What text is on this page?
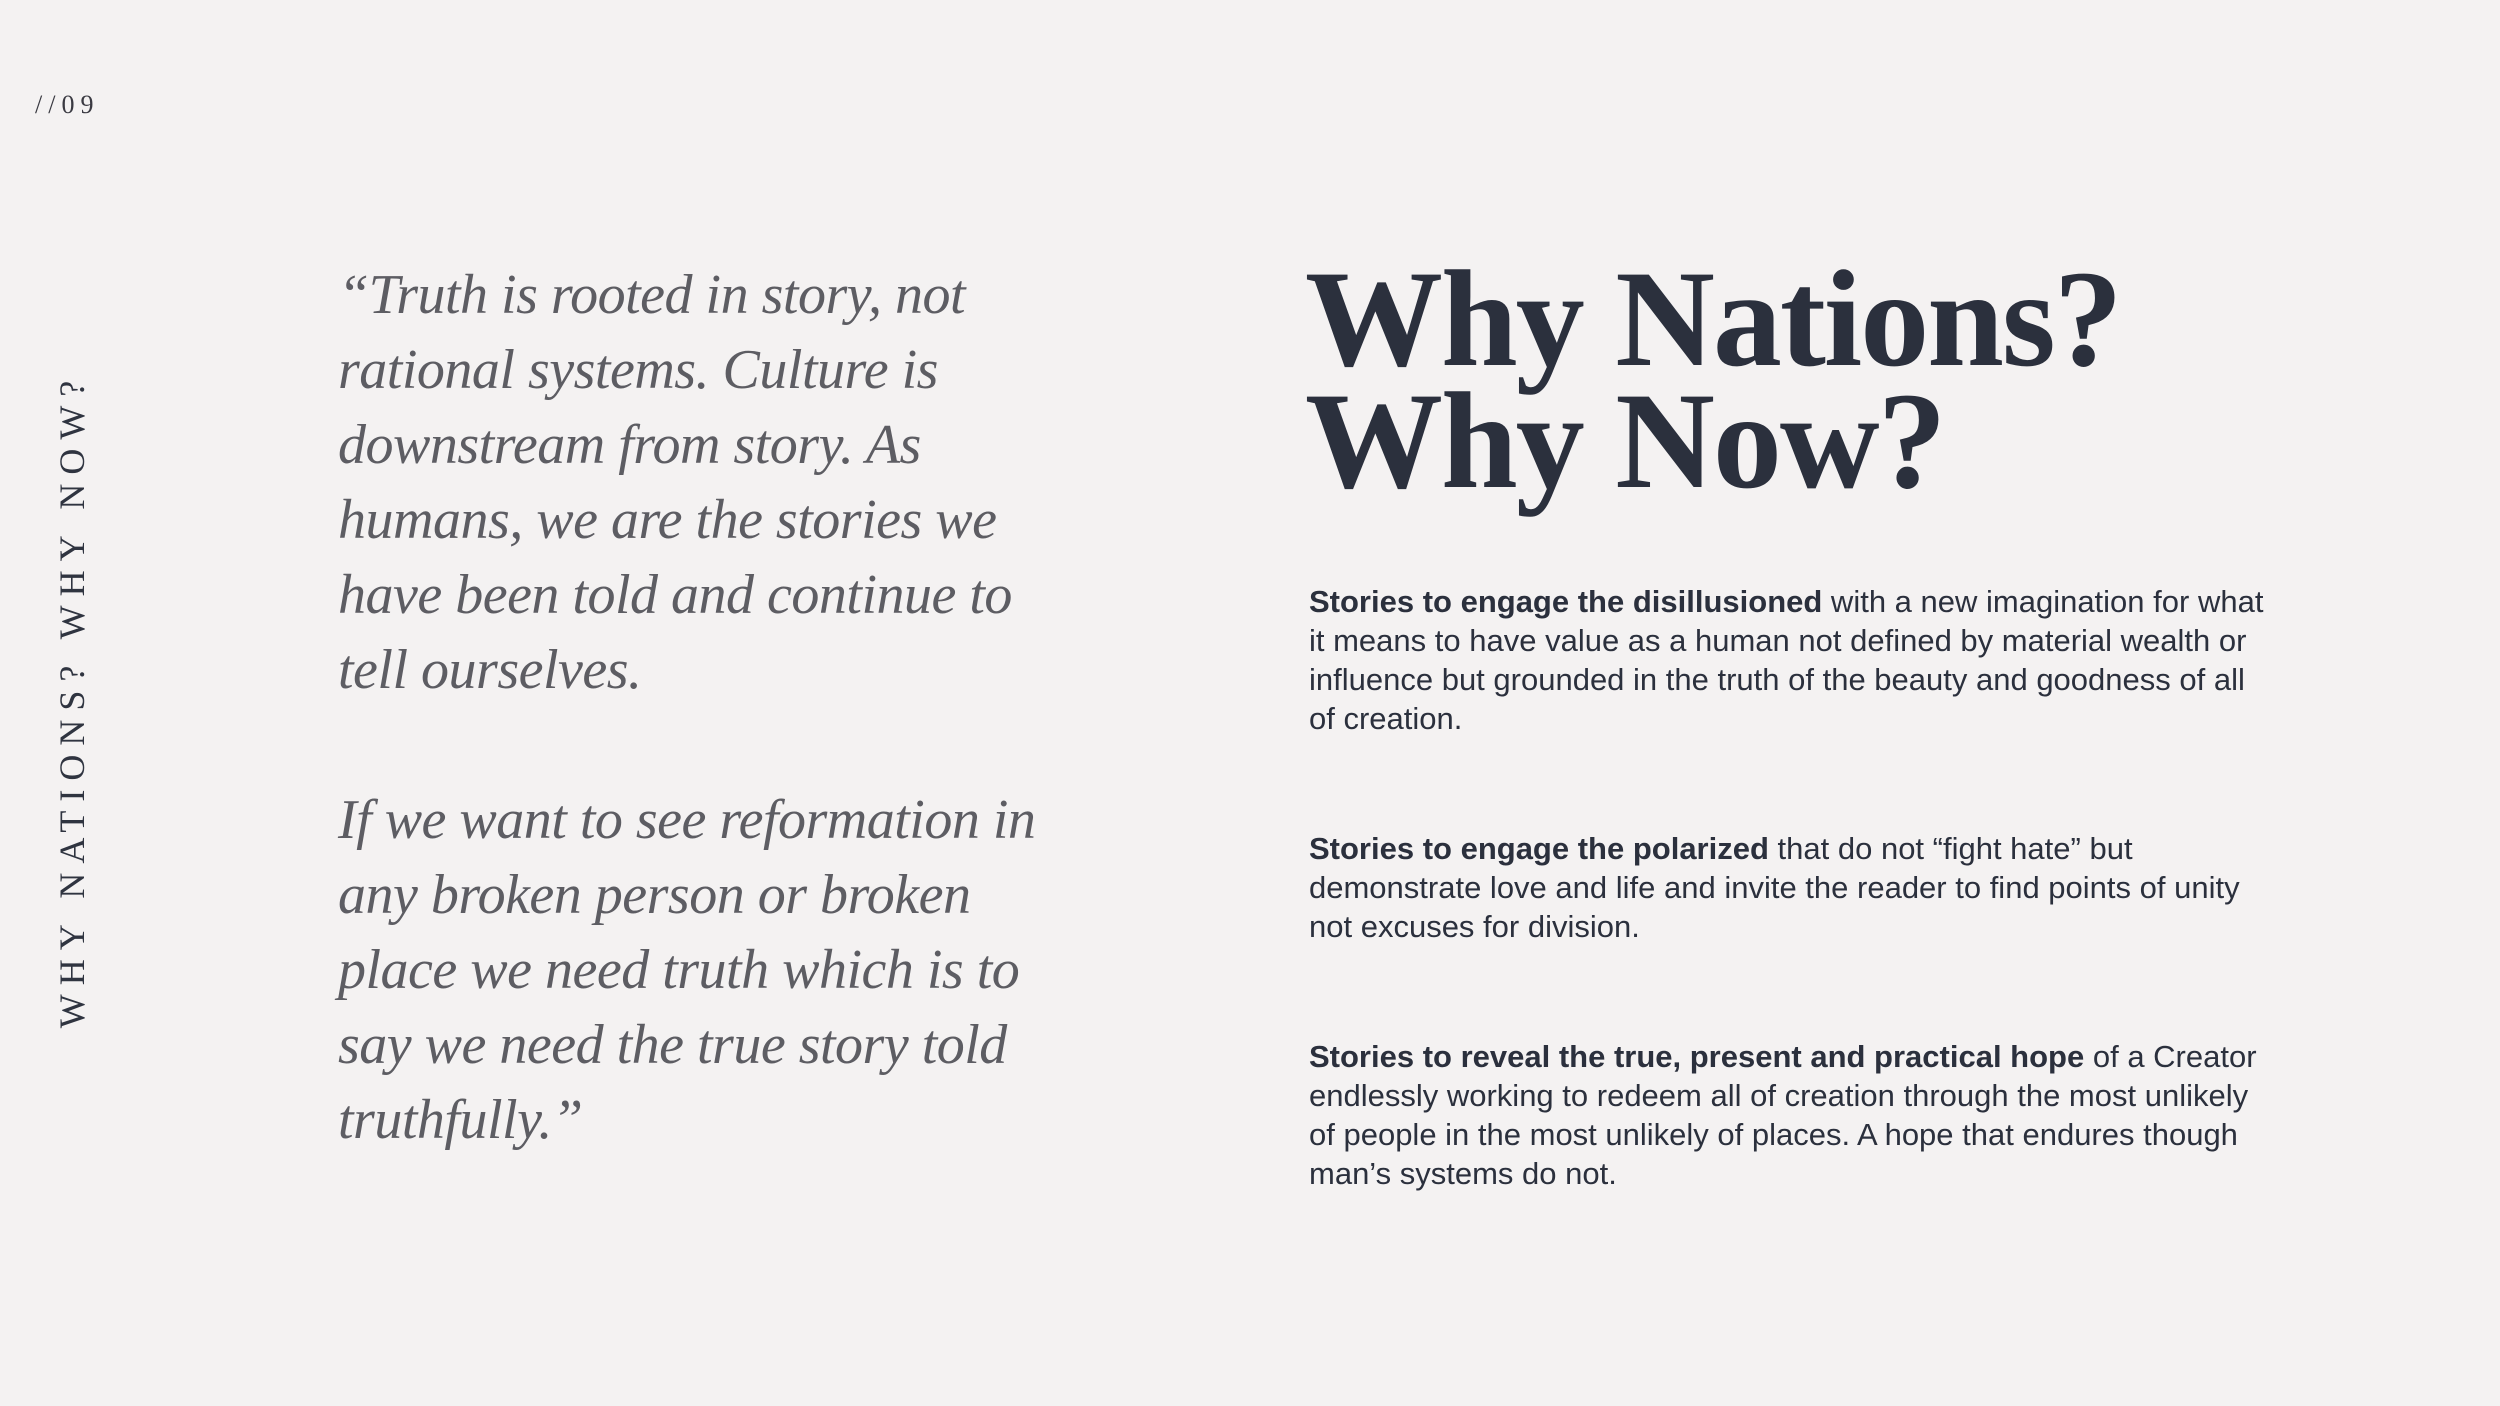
//09
WHY NATIONS? WHY NOW?

“Truth is rooted in story, not rational systems. Culture is downstream from story. As humans, we are the stories we have been told and continue to tell ourselves.

If we want to see reformation in any broken person or broken place we need truth which is to say we need the true story told truthfully.”

Why Nations?
Why Now?

Stories to engage the disillusioned with a new imagination for what it means to have value as a human not defined by material wealth or influence but grounded in the truth of the beauty and goodness of all of creation.

Stories to engage the polarized that do not “fight hate” but demonstrate love and life and invite the reader to find points of unity not excuses for division.

Stories to reveal the true, present and practical hope of a Creator endlessly working to redeem all of creation through the most unlikely of people in the most unlikely of places. A hope that endures though man’s systems do not.
